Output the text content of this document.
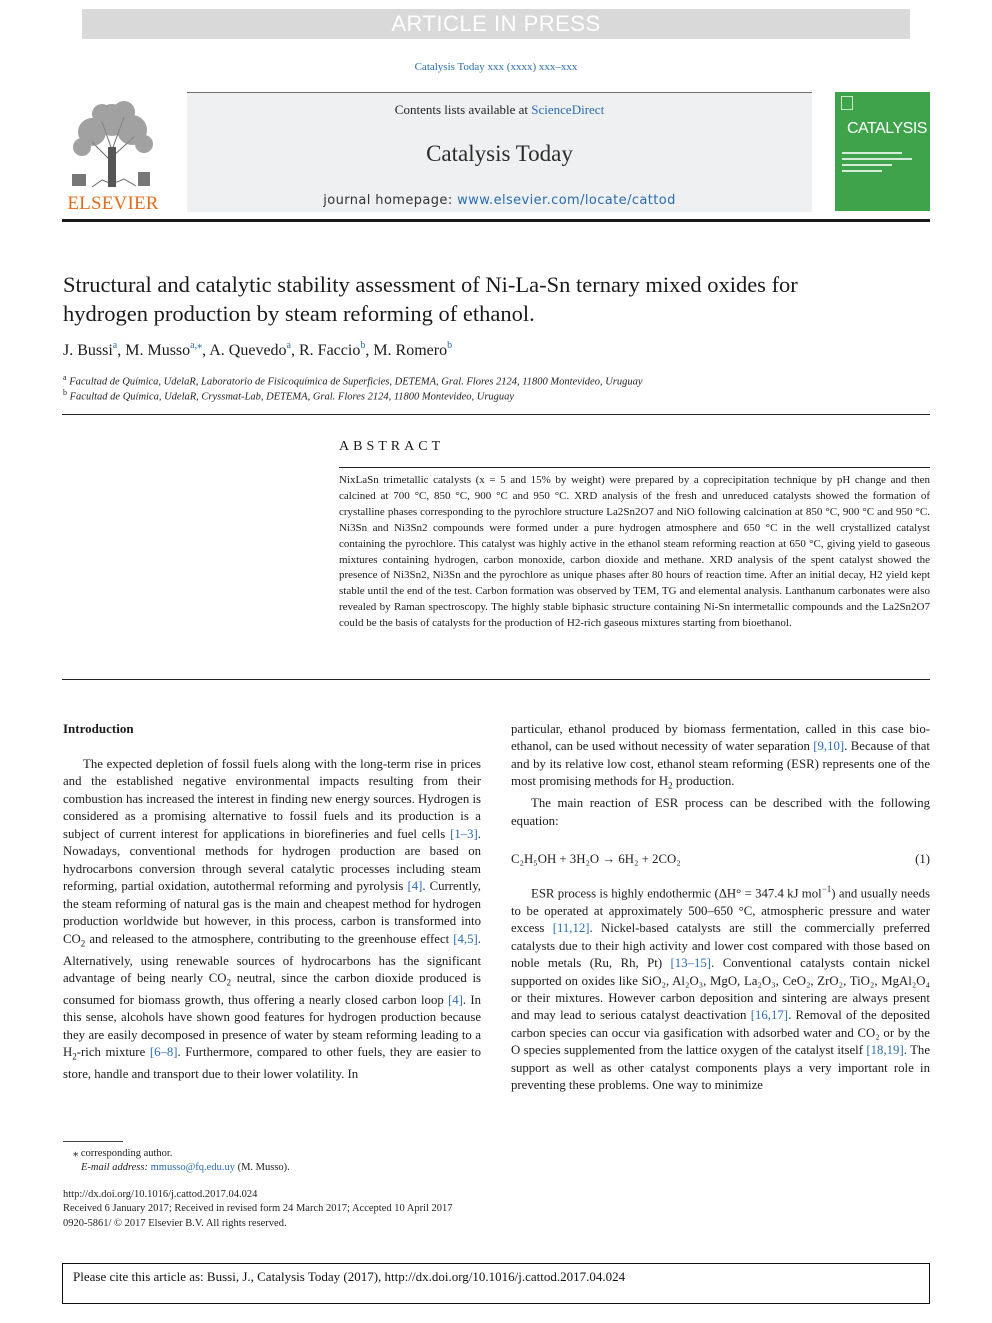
ARTICLE IN PRESS
Catalysis Today xxx (xxxx) xxx–xxx
ELSEVIER
Contents lists available at ScienceDirect
Catalysis Today
journal homepage: www.elsevier.com/locate/cattod
CATALYSIS
Structural and catalytic stability assessment of Ni-La-Sn ternary mixed oxides for hydrogen production by steam reforming of ethanol.
J. Bussi$^a$, M. Musso$^{a,⁎}$, A. Quevedo$^a$, R. Faccio$^b$, M. Romero$^b$
$^a$ Facultad de Química, UdelaR, Laboratorio de Fisicoquímica de Superficies, DETEMA, Gral. Flores 2124, 11800 Montevideo, Uruguay
$^b$ Facultad de Química, UdelaR, Cryssmat-Lab, DETEMA, Gral. Flores 2124, 11800 Montevideo, Uruguay
ABSTRACT
NixLaSn trimetallic catalysts (x = 5 and 15% by weight) were prepared by a coprecipitation technique by pH change and then calcined at 700 °C, 850 °C, 900 °C and 950 °C. XRD analysis of the fresh and unreduced catalysts showed the formation of crystalline phases corresponding to the pyrochlore structure La2Sn2O7 and NiO following calcination at 850 °C, 900 °C and 950 °C. Ni3Sn and Ni3Sn2 compounds were formed under a pure hydrogen atmosphere and 650 °C in the well crystallized catalyst containing the pyrochlore. This catalyst was highly active in the ethanol steam reforming reaction at 650 °C, giving yield to gaseous mixtures containing hydrogen, carbon monoxide, carbon dioxide and methane. XRD analysis of the spent catalyst showed the presence of Ni3Sn2, Ni3Sn and the pyrochlore as unique phases after 80 hours of reaction time. After an initial decay, H2 yield kept stable until the end of the test. Carbon formation was observed by TEM, TG and elemental analysis. Lanthanum carbonates were also revealed by Raman spectroscopy. The highly stable biphasic structure containing Ni-Sn intermetallic compounds and the La2Sn2O7 could be the basis of catalysts for the production of H2-rich gaseous mixtures starting from bioethanol.
Introduction

The expected depletion of fossil fuels along with the long-term rise in prices and the established negative environmental impacts resulting from their combustion has increased the interest in finding new energy sources. Hydrogen is considered as a promising alternative to fossil fuels and its production is a subject of current interest for applications in biorefineries and fuel cells [1–3]. Nowadays, conventional methods for hydrogen production are based on hydrocarbons conversion through several catalytic processes including steam reforming, partial oxidation, autothermal reforming and pyrolysis [4]. Currently, the steam reforming of natural gas is the main and cheapest method for hydrogen production worldwide but however, in this process, carbon is transformed into $CO_2$ and released to the atmosphere, contributing to the greenhouse effect [4,5]. Alternatively, using renewable sources of hydrocarbons has the significant advantage of being nearly $CO_2$ neutral, since the carbon dioxide produced is consumed for biomass growth, thus offering a nearly closed carbon loop [4]. In this sense, alcohols have shown good features for hydrogen production because they are easily decomposed in presence of water by steam reforming leading to a $H_2$-rich mixture [6–8]. Furthermore, compared to other fuels, they are easier to store, handle and transport due to their lower volatility. In

particular, ethanol produced by biomass fermentation, called in this case bio-ethanol, can be used without necessity of water separation [9,10]. Because of that and by its relative low cost, ethanol steam reforming (ESR) represents one of the most promising methods for $H_2$ production.

The main reaction of ESR process can be described with the following equation:

C₂H₅OH + 3H₂O → 6H₂ + 2CO₂	(1)

ESR process is highly endothermic (ΔH° = 347.4 kJ mol$^{-1}$) and usually needs to be operated at approximately 500–650 °C, atmospheric pressure and water excess [11,12]. Nickel-based catalysts are still the commercially preferred catalysts due to their high activity and lower cost compared with those based on noble metals (Ru, Rh, Pt) [13–15]. Conventional catalysts contain nickel supported on oxides like SiO₂, Al₂O₃, MgO, La₂O₃, CeO₂, ZrO₂, TiO₂, MgAl₂O₄ or their mixtures. However carbon deposition and sintering are always present and may lead to serious catalyst deactivation [16,17]. Removal of the deposited carbon species can occur via gasification with adsorbed water and CO₂ or by the O species supplemented from the lattice oxygen of the catalyst itself [18,19]. The support as well as other catalyst components plays a very important role in preventing these problems. One way to minimize

⁎ corresponding author.
E-mail address: mmusso@fq.edu.uy (M. Musso).
http://dx.doi.org/10.1016/j.cattod.2017.04.024
Received 6 January 2017; Received in revised form 24 March 2017; Accepted 10 April 2017
0920-5861/ © 2017 Elsevier B.V. All rights reserved.
Please cite this article as: Bussi, J., Catalysis Today (2017), http://dx.doi.org/10.1016/j.cattod.2017.04.024
